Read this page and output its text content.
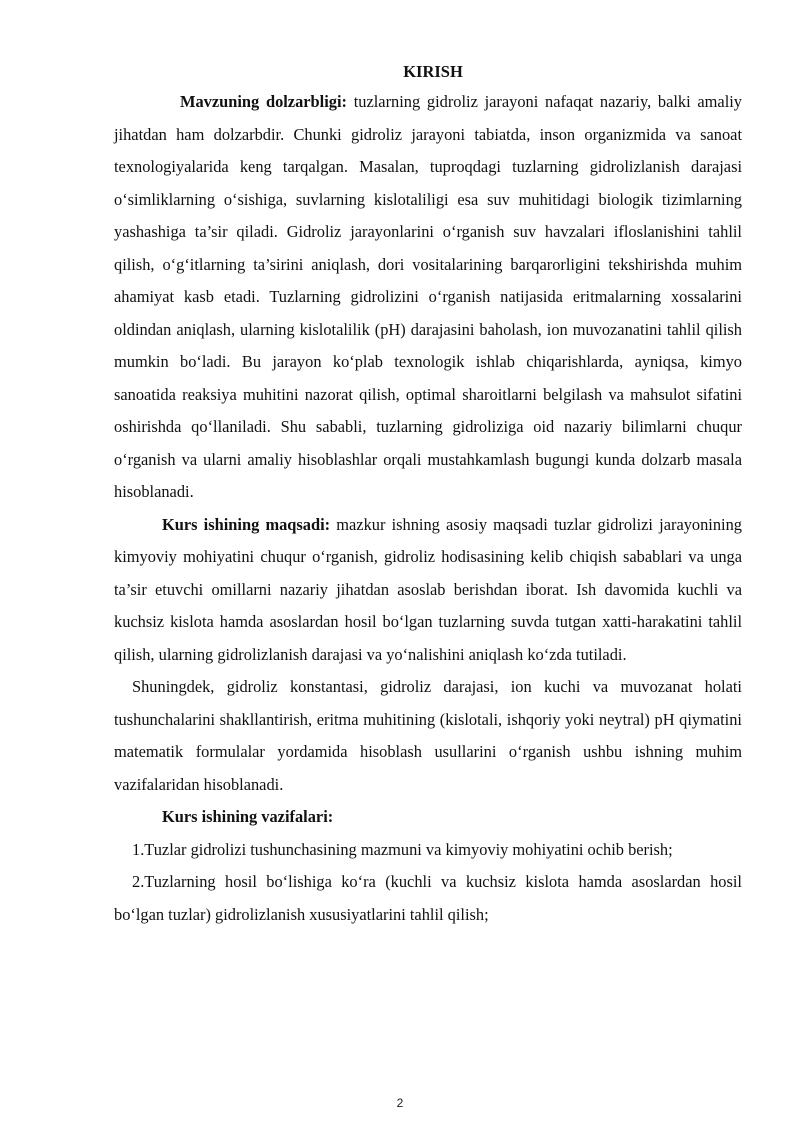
KIRISH

Mavzuning dolzarbligi: tuzlarning gidroliz jarayoni nafaqat nazariy, balki amaliy jihatdan ham dolzarbdir. Chunki gidroliz jarayoni tabiatda, inson organizmida va sanoat texnologiyalarida keng tarqalgan. Masalan, tuproqdagi tuzlarning gidrolizlanish darajasi o‘simliklarning o‘sishiga, suvlarning kislotaliligi esa suv muhitidagi biologik tizimlarning yashashiga ta’sir qiladi. Gidroliz jarayonlarini o‘rganish suv havzalari ifloslanishini tahlil qilish, o‘g‘itlarning ta’sirini aniqlash, dori vositalarining barqarorligini tekshirishda muhim ahamiyat kasb etadi. Tuzlarning gidrolizini o‘rganish natijasida eritmalarning xossalarini oldindan aniqlash, ularning kislotalilik (pH) darajasini baholash, ion muvozanatini tahlil qilish mumkin bo‘ladi. Bu jarayon ko‘plab texnologik ishlab chiqarishlarda, ayniqsa, kimyo sanoatida reaksiya muhitini nazorat qilish, optimal sharoitlarni belgilash va mahsulot sifatini oshirishda qo‘llaniladi. Shu sababli, tuzlarning gidroliziga oid nazariy bilimlarni chuqur o‘rganish va ularni amaliy hisoblashlar orqali mustahkamlash bugungi kunda dolzarb masala hisoblanadi.

Kurs ishining maqsadi: mazkur ishning asosiy maqsadi tuzlar gidrolizi jarayonining kimyoviy mohiyatini chuqur o‘rganish, gidroliz hodisasining kelib chiqish sabablari va unga ta’sir etuvchi omillarni nazariy jihatdan asoslab berishdan iborat. Ish davomida kuchli va kuchsiz kislota hamda asoslardan hosil bo‘lgan tuzlarning suvda tutgan xatti-harakatini tahlil qilish, ularning gidrolizlanish darajasi va yo‘nalishini aniqlash ko‘zda tutiladi.

Shuningdek, gidroliz konstantasi, gidroliz darajasi, ion kuchi va muvozanat holati tushunchalarini shakllantirish, eritma muhitining (kislotali, ishqoriy yoki neytral) pH qiymatini matematik formulalar yordamida hisoblash usullarini o‘rganish ushbu ishning muhim vazifalaridan hisoblanadi.

Kurs ishining vazifalari:

1.Tuzlar gidrolizi tushunchasining mazmuni va kimyoviy mohiyatini ochib berish;

2.Tuzlarning hosil bo‘lishiga ko‘ra (kuchli va kuchsiz kislota hamda asoslardan hosil bo‘lgan tuzlar) gidrolizlanish xususiyatlarini tahlil qilish;

2
